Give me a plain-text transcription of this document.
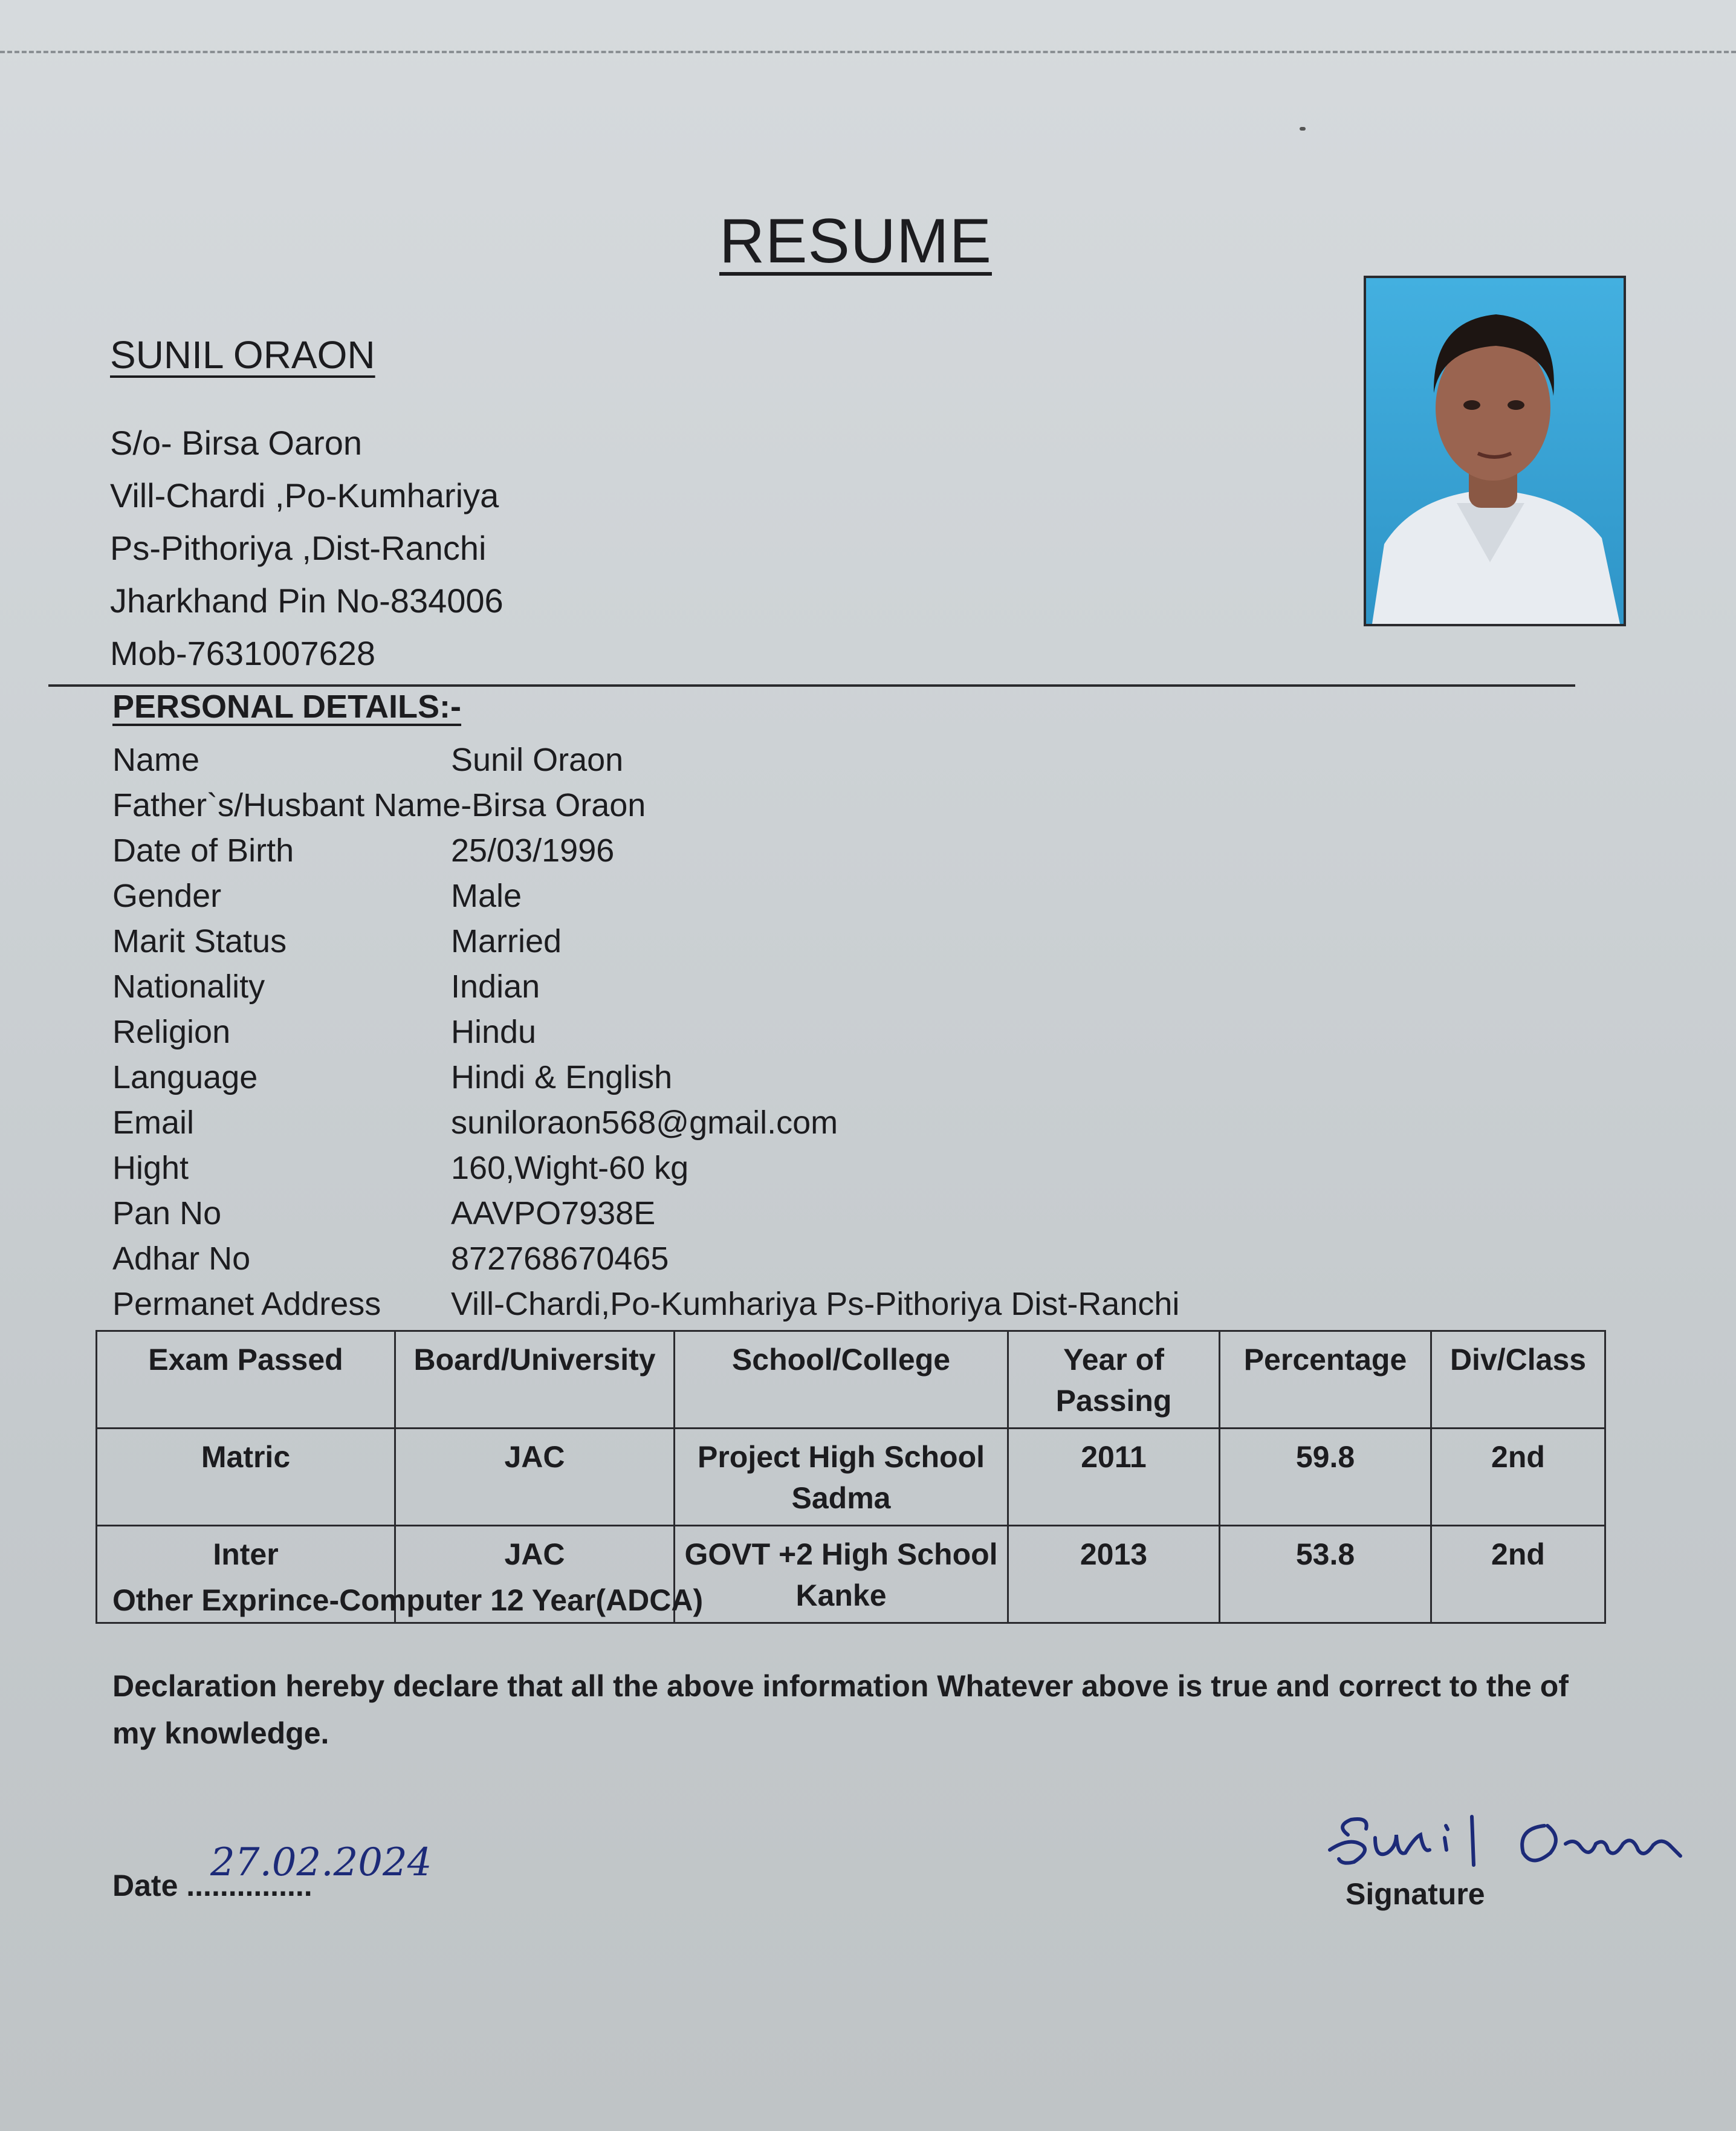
RESUME
SUNIL ORAON
S/o- Birsa Oaron
Vill-Chardi ,Po-Kumhariya
Ps-Pithoriya ,Dist-Ranchi
Jharkhand Pin No-834006
Mob-7631007628
PERSONAL DETAILS:-
Name	Sunil Oraon
Father`s/Husbant Name-Birsa Oraon
Date of Birth	25/03/1996
Gender	Male
Marit Status	Married
Nationality	Indian
Religion	Hindu
Language	Hindi & English
Email	suniloraon568@gmail.com
Hight	160,Wight-60 kg
Pan No	AAVPO7938E
Adhar No	872768670465
Permanet Address Vill-Chardi,Po-Kumhariya Ps-Pithoriya Dist-Ranchi
Exam Passed	Board/University	School/College	Year of Passing	Percentage	Div/Class
Matric	JAC	Project High School Sadma	2011	59.8	2nd
Inter	JAC	GOVT +2 High School Kanke	2013	53.8	2nd
Other Exprince-Computer 12 Year(ADCA)
Declaration hereby declare that all the above information Whatever above is true and correct to the of my knowledge.
Date ...............
27.02.2024
Signature
